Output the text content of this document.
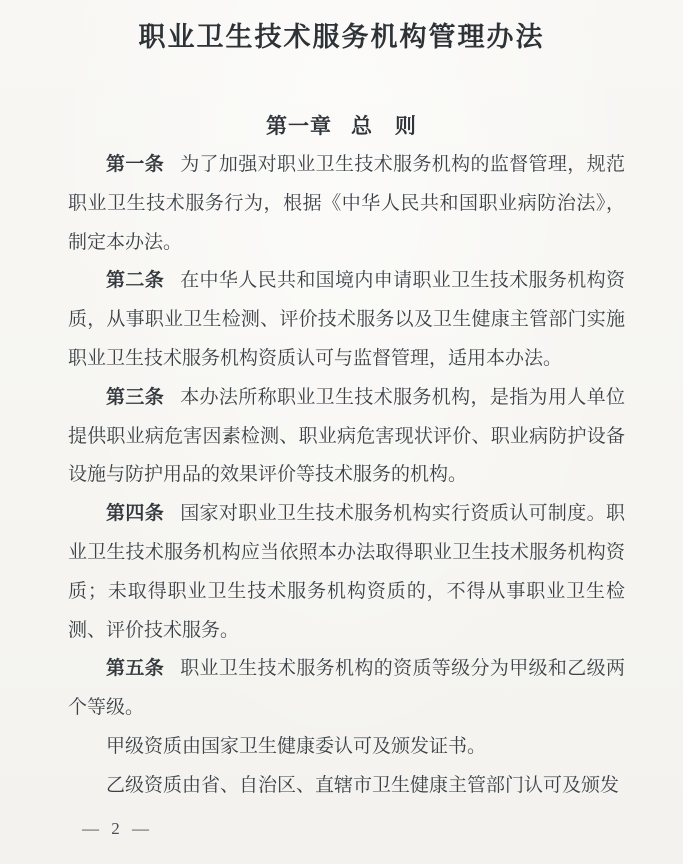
职业卫生技术服务机构管理办法
第一章 总　则

第一条 为了加强对职业卫生技术服务机构的监督管理，规范职业卫生技术服务行为，根据《中华人民共和国职业病防治法》，制定本办法。

第二条 在中华人民共和国境内申请职业卫生技术服务机构资质，从事职业卫生检测、评价技术服务以及卫生健康主管部门实施职业卫生技术服务机构资质认可与监督管理，适用本办法。

第三条 本办法所称职业卫生技术服务机构，是指为用人单位提供职业病危害因素检测、职业病危害现状评价、职业病防护设备设施与防护用品的效果评价等技术服务的机构。

第四条 国家对职业卫生技术服务机构实行资质认可制度。职业卫生技术服务机构应当依照本办法取得职业卫生技术服务机构资质；未取得职业卫生技术服务机构资质的，不得从事职业卫生检测、评价技术服务。

第五条 职业卫生技术服务机构的资质等级分为甲级和乙级两个等级。

甲级资质由国家卫生健康委认可及颁发证书。

乙级资质由省、自治区、直辖市卫生健康主管部门认可及颁发

— 2 —
